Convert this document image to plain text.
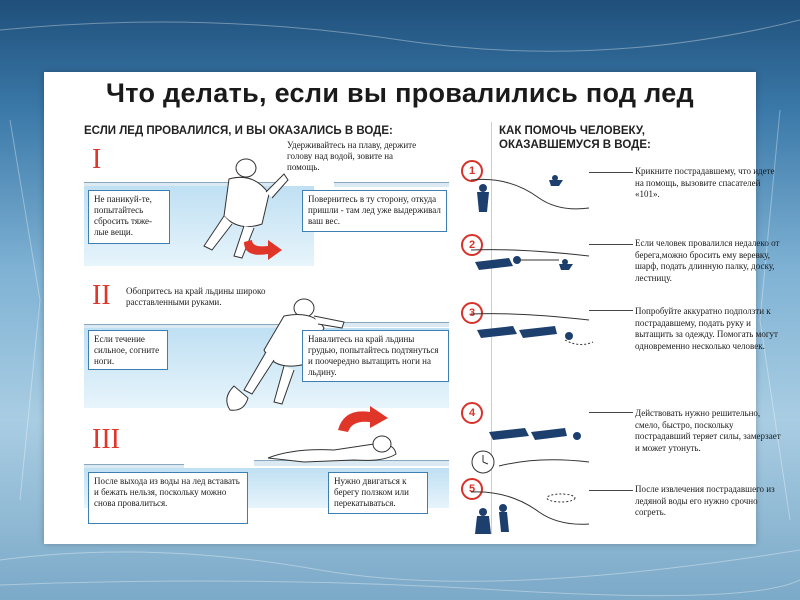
Что делать, если вы провалились под лед
ЕСЛИ ЛЕД ПРОВАЛИЛСЯ, И ВЫ ОКАЗАЛИСЬ В ВОДЕ:	КАК ПОМОЧЬ ЧЕЛОВЕКУ, ОКАЗАВШЕМУСЯ В ВОДЕ:
I	Удерживайтесь на плаву, держите голову над водой, зовите на помощь.
Не паникуй-те, попытайтесь сбросить тяже-лые вещи.
Повернитесь в ту сторону, откуда пришли - там лед уже выдерживал ваш вес.
II Обопритесь на край льдины широко расставленными руками.
Если течение сильное, согните ноги.
Навалитесь на край льдины грудью, попытайтесь подтянуться и поочередно вытащить ноги на льдину.
III
После выхода из воды на лед вставать и бежать нельзя, поскольку можно снова провалиться.
Нужно двигаться к берегу ползком или перекатываться.
1	Крикните пострадавшему, что идете на помощь, вызовите спасателей «101».
2	Если человек провалился недалеко от берега,можно бросить ему веревку, шарф, подать длинную палку, доску, лестницу.
3	Попробуйте аккуратно подползти к пострадавшему, подать руку и вытащить за одежду. Помогать могут одновременно несколько человек.
4	Действовать нужно решительно, смело, быстро, поскольку пострадавший теряет силы, замерзает и может утонуть.
5	После извлечения пострадавшего из ледяной воды его нужно срочно согреть.
